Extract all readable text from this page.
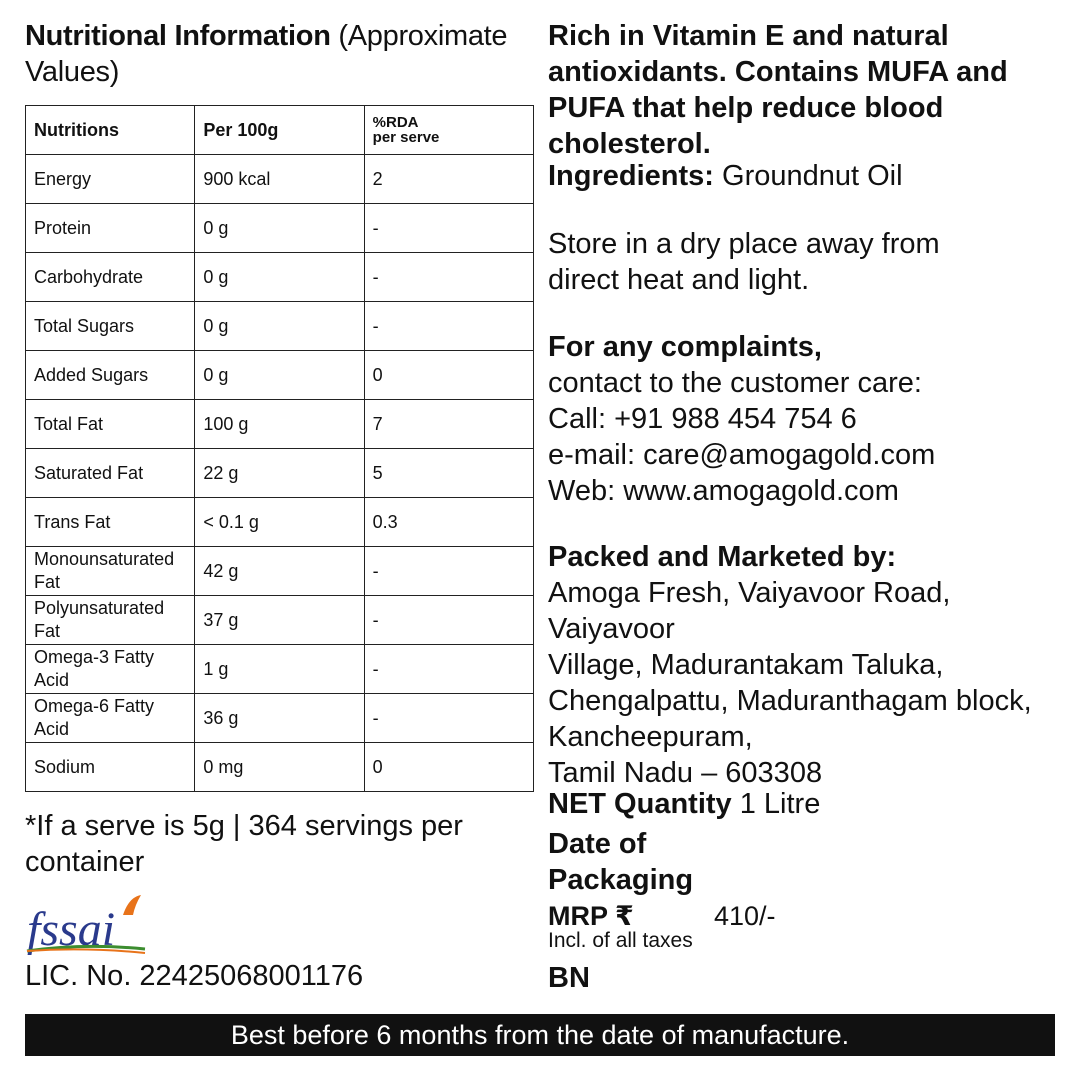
Nutritional Information (Approximate Values)
Nutritions	Per 100g	%RDA
per serve
Energy	900 kcal	2
Protein	0 g	-
Carbohydrate	0 g	-
Total Sugars	0 g	-
Added Sugars	0 g	0
Total Fat	100 g	7
Saturated Fat	22 g	5
Trans Fat	< 0.1 g	0.3
Monounsaturated Fat	42 g	-
Polyunsaturated Fat	37 g	-
Omega-3 Fatty Acid	1 g	-
Omega-6 Fatty Acid	36 g	-
Sodium	0 mg	0
*If a serve is 5g | 364 servings per container
fssai
LIC. No. 22425068001176
Rich in Vitamin E and natural antioxidants. Contains MUFA and PUFA that help reduce blood cholesterol.
Ingredients: Groundnut Oil
Store in a dry place away from direct heat and light.
For any complaints,
contact to the customer care:
Call: +91 988 454 754 6
e-mail: care@amogagold.com
Web: www.amogagold.com
Packed and Marketed by:
Amoga Fresh, Vaiyavoor Road, Vaiyavoor
Village, Madurantakam Taluka,
Chengalpattu, Maduranthagam block,
Kancheepuram,
Tamil Nadu – 603308
NET Quantity 1 Litre
Date of
Packaging
MRP ₹	410/-
Incl. of all taxes
BN
Best before 6 months from the date of manufacture.
